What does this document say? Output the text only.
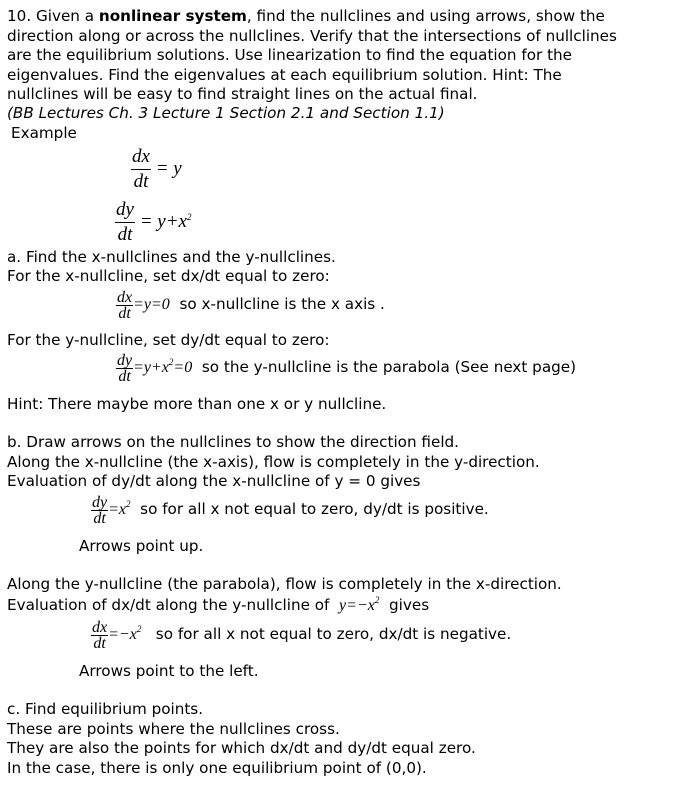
10. Given a nonlinear system, find the nullclines and using arrows, show the
direction along or across the nullclines. Verify that the intersections of nullclines
are the equilibrium solutions. Use linearization to find the equation for the
eigenvalues. Find the eigenvalues at each equilibrium solution. Hint: The
nullclines will be easy to find straight lines on the actual final.
(BB Lectures Ch. 3 Lecture 1 Section 2.1 and Section 1.1)
Example
$\frac{dx}{dt} = y$
$\frac{dy}{dt} = y+x^2$
a. Find the x-nullclines and the y-nullclines.
For the x-nullcline, set dx/dt equal to zero:
$\frac{dx}{dt} =y=0$ so x-nullcline is the x axis .
For the y-nullcline, set dy/dt equal to zero:
$\frac{dy}{dt} =y+x^2=0$ so the y-nullcline is the parabola (See next page)
Hint: There maybe more than one x or y nullcline.
b. Draw arrows on the nullclines to show the direction field.
Along the x-nullcline (the x-axis), flow is completely in the y-direction.
Evaluation of dy/dt along the x-nullcline of y = 0 gives
$\frac{dy}{dt} =x^2$ so for all x not equal to zero, dy/dt is positive.
Arrows point up.
Along the y-nullcline (the parabola), flow is completely in the x-direction.
Evaluation of dx/dt along the y-nullcline of $y=-x^2$ gives
$\frac{dx}{dt} =-x^2$ so for all x not equal to zero, dx/dt is negative.
Arrows point to the left.
c. Find equilibrium points.
These are points where the nullclines cross.
They are also the points for which dx/dt and dy/dt equal zero.
In the case, there is only one equilibrium point of (0,0).
